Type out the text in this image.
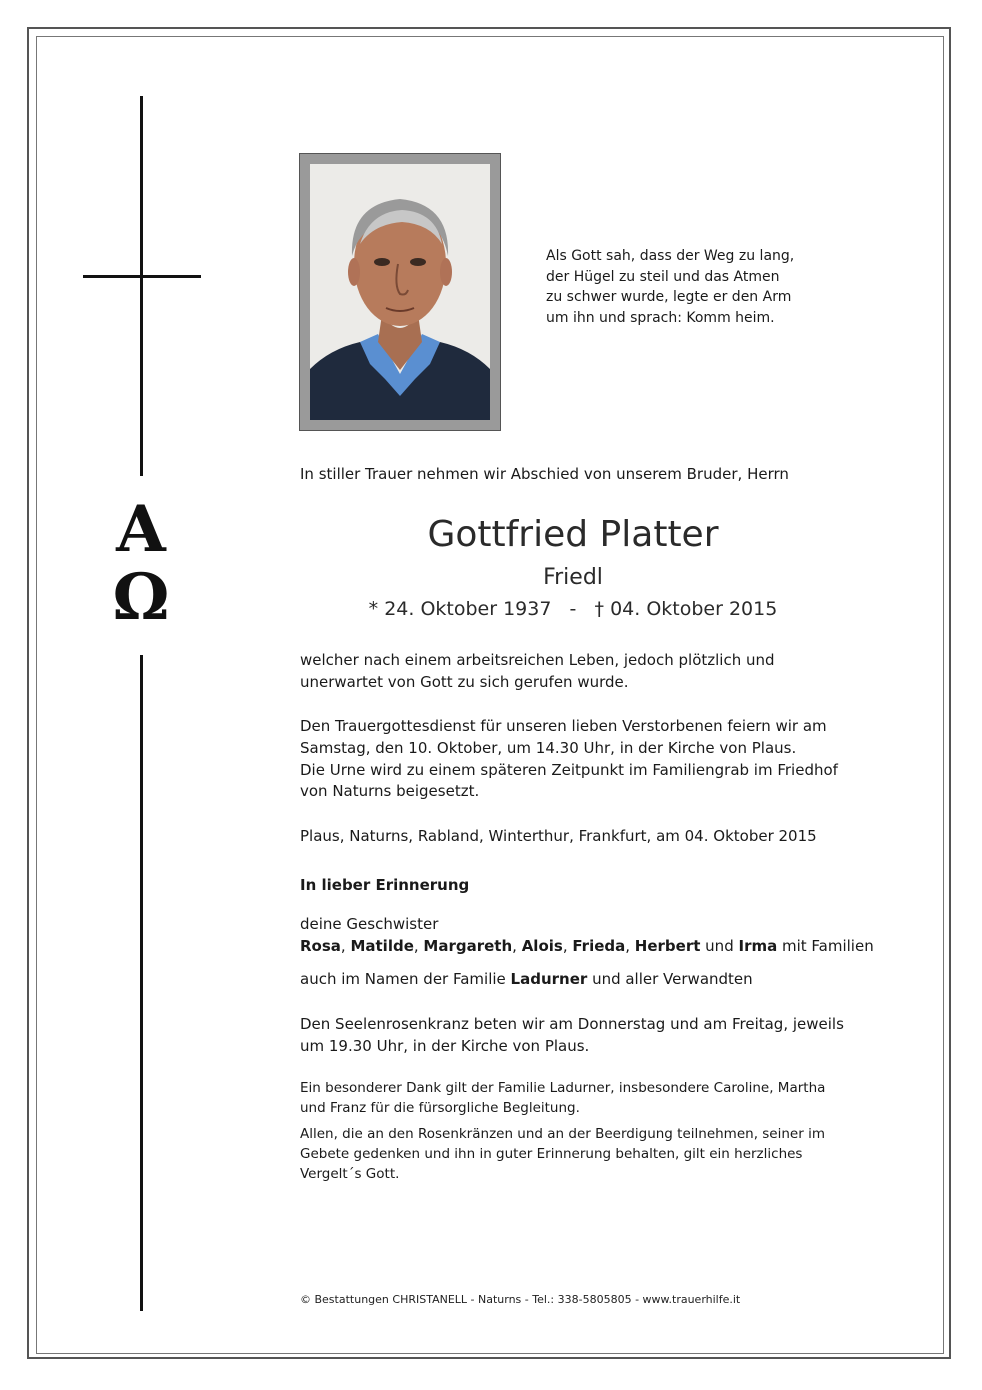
Α
Ω
Als Gott sah, dass der Weg zu lang,
der Hügel zu steil und das Atmen
zu schwer wurde, legte er den Arm
um ihn und sprach: Komm heim.
In stiller Trauer nehmen wir Abschied von unserem Bruder, Herrn
Gottfried Platter
Friedl
* 24. Oktober 1937   -   † 04. Oktober 2015
welcher nach einem arbeitsreichen Leben, jedoch plötzlich und unerwartet von Gott zu sich gerufen wurde.
Den Trauergottesdienst für unseren lieben Verstorbenen feiern wir am Samstag, den 10. Oktober, um 14.30 Uhr, in der Kirche von Plaus.
Die Urne wird zu einem späteren Zeitpunkt im Familiengrab im Friedhof von Naturns beigesetzt.
Plaus, Naturns, Rabland, Winterthur, Frankfurt, am 04. Oktober 2015
In lieber Erinnerung
deine Geschwister
Rosa, Matilde, Margareth, Alois, Frieda, Herbert und Irma mit Familien
auch im Namen der Familie Ladurner und aller Verwandten
Den Seelenrosenkranz beten wir am Donnerstag und am Freitag, jeweils um 19.30 Uhr, in der Kirche von Plaus.
Ein besonderer Dank gilt der Familie Ladurner, insbesondere Caroline, Martha und Franz für die fürsorgliche Begleitung.
Allen, die an den Rosenkränzen und an der Beerdigung teilnehmen, seiner im Gebete gedenken und ihn in guter Erinnerung behalten, gilt ein herzliches Vergelt´s Gott.
© Bestattungen CHRISTANELL - Naturns - Tel.: 338-5805805 - www.trauerhilfe.it
